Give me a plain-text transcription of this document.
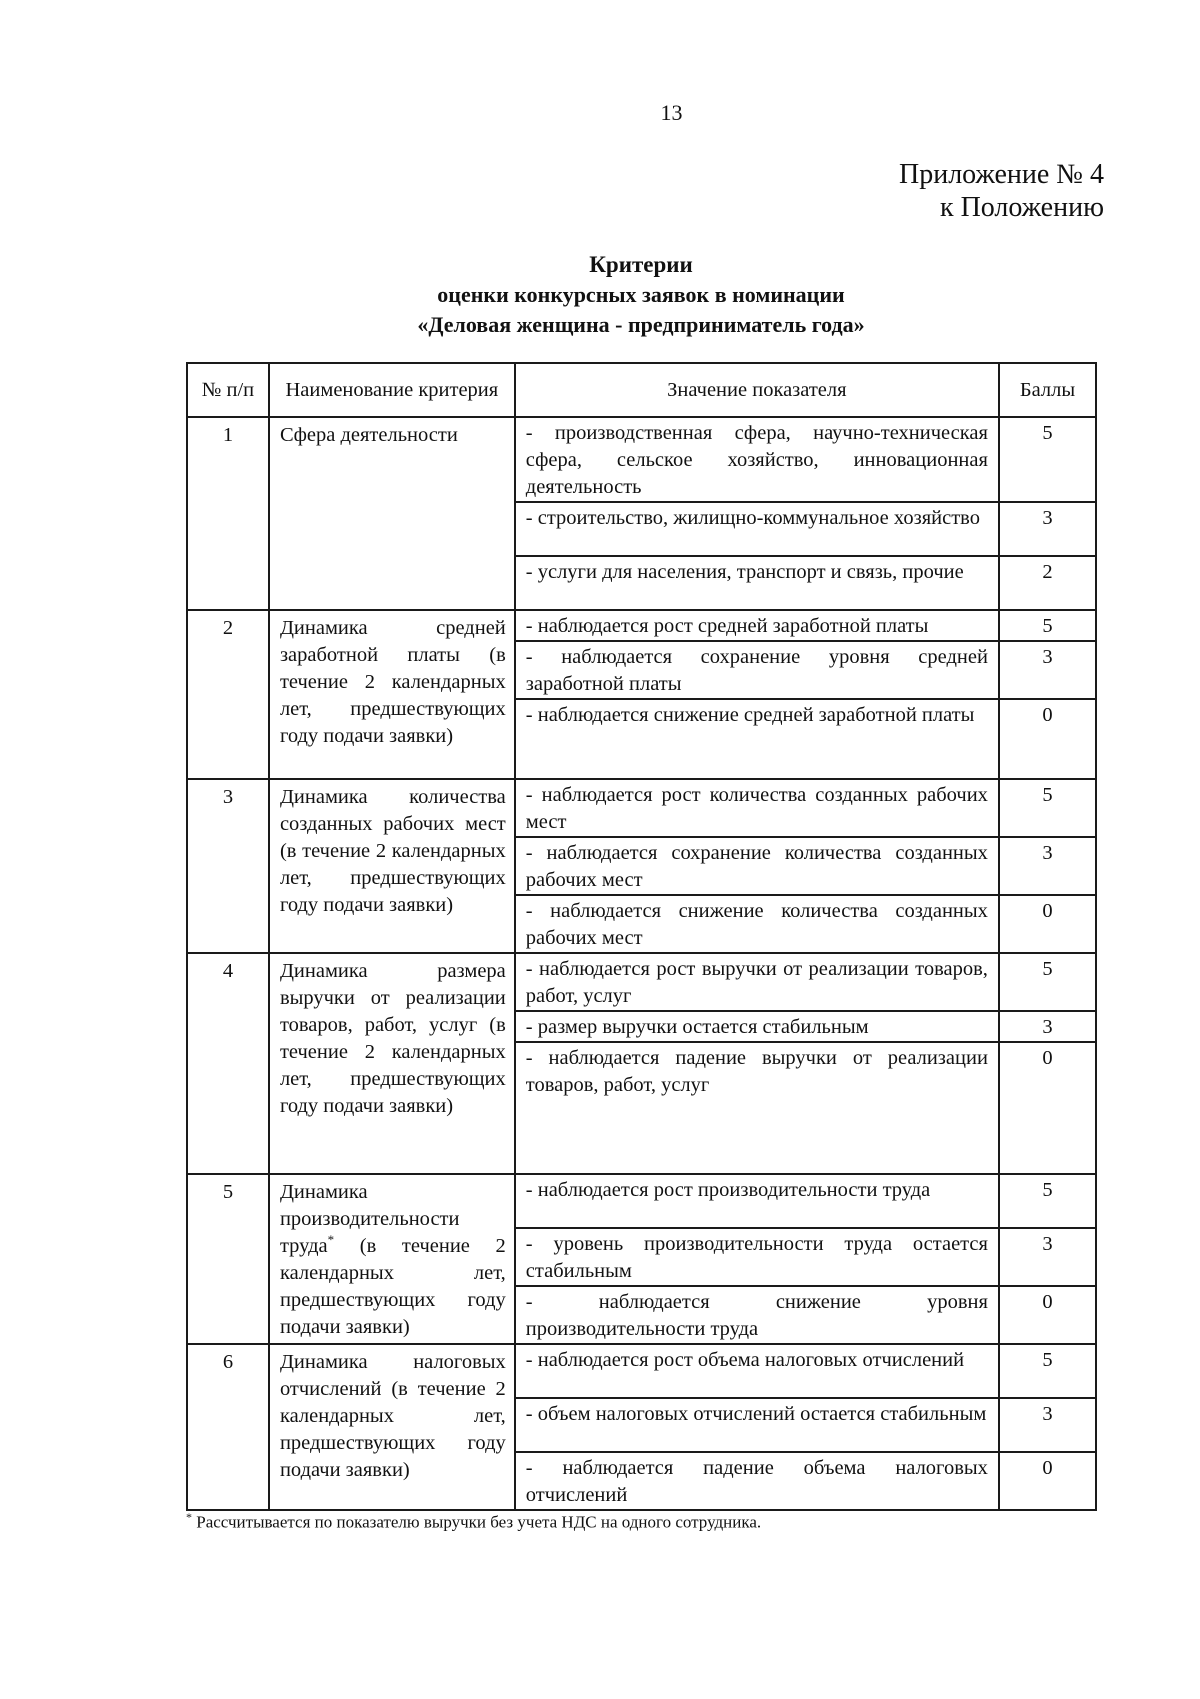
13
Приложение № 4
к Положению
Критерии
оценки конкурсных заявок в номинации
«Деловая женщина - предприниматель года»
№ п/п	Наименование критерия	Значение показателя	Баллы
1	Сфера деятельности	- производственная сфера, научно-техническая сфера, сельское хозяйство, инновационная деятельность	5
		- строительство, жилищно-коммунальное хозяйство	3
		- услуги для населения, транспорт и связь, прочие	2
2	Динамика средней заработной платы (в течение 2 календарных лет, предшествующих году подачи заявки)	- наблюдается рост средней заработной платы	5
		- наблюдается сохранение уровня средней заработной платы	3
		- наблюдается снижение средней заработной платы	0
3	Динамика количества созданных рабочих мест (в течение 2 календарных лет, предшествующих году подачи заявки)	- наблюдается рост количества созданных рабочих мест	5
		- наблюдается сохранение количества созданных рабочих мест	3
		- наблюдается снижение количества созданных рабочих мест	0
4	Динамика размера выручки от реализации товаров, работ, услуг (в течение 2 календарных лет, предшествующих году подачи заявки)	- наблюдается рост выручки от реализации товаров, работ, услуг	5
		- размер выручки остается стабильным	3
		- наблюдается падение выручки от реализации товаров, работ, услуг	0
5	Динамика производительности труда* (в течение 2 календарных лет, предшествующих году подачи заявки)	- наблюдается рост производительности труда	5
		- уровень производительности труда остается стабильным	3
		- наблюдается снижение уровня производительности труда	0
6	Динамика налоговых отчислений (в течение 2 календарных лет, предшествующих году подачи заявки)	- наблюдается рост объема налоговых отчислений	5
		- объем налоговых отчислений остается стабильным	3
		- наблюдается падение объема налоговых отчислений	0
* Рассчитывается по показателю выручки без учета НДС на одного сотрудника.
